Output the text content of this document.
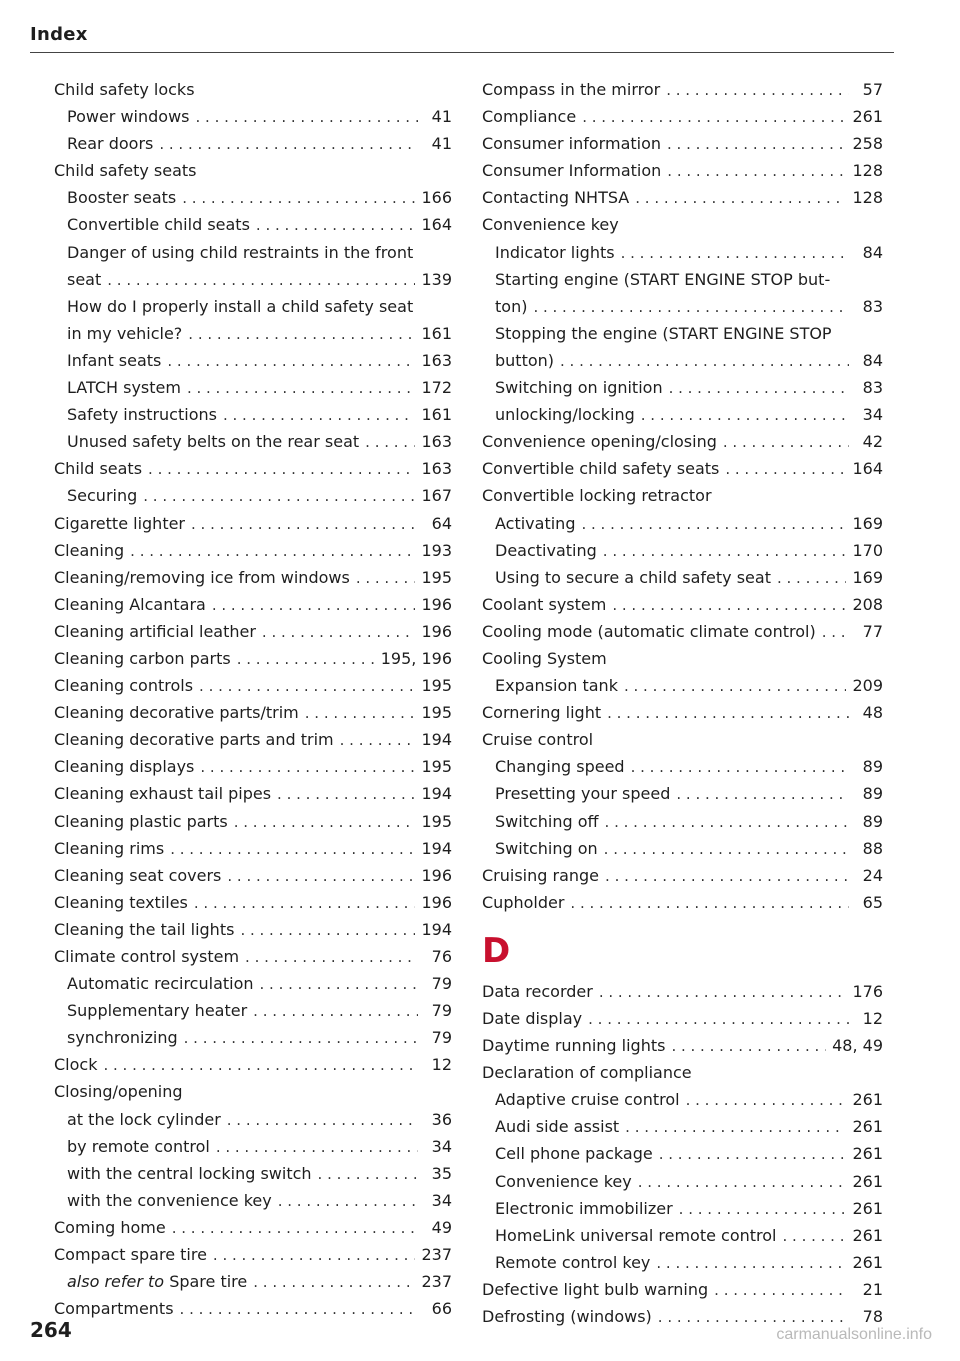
Index
Child safety locks
Power windows . . .	41
Rear doors . . .	41
Child safety seats
Booster seats . . .	166
Convertible child seats . . .	164
Danger of using child restraints in the front
seat . . .	139
How do I properly install a child safety seat
in my vehicle? . . .	161
Infant seats . . .	163
LATCH system . . .	172
Safety instructions . . .	161
Unused safety belts on the rear seat . . .	163
Child seats . . .	163
Securing . . .	167
Cigarette lighter . . .	64
Cleaning . . .	193
Cleaning/removing ice from windows . . .	195
Cleaning Alcantara . . .	196
Cleaning artificial leather . . .	196
Cleaning carbon parts . . .	195, 196
Cleaning controls . . .	195
Cleaning decorative parts/trim . . .	195
Cleaning decorative parts and trim . . .	194
Cleaning displays . . .	195
Cleaning exhaust tail pipes . . .	194
Cleaning plastic parts . . .	195
Cleaning rims . . .	194
Cleaning seat covers . . .	196
Cleaning textiles . . .	196
Cleaning the tail lights . . .	194
Climate control system . . .	76
Automatic recirculation . . .	79
Supplementary heater . . .	79
synchronizing . . .	79
Clock . . .	12
Closing/opening
at the lock cylinder . . .	36
by remote control . . .	34
with the central locking switch . . .	35
with the convenience key . . .	34
Coming home . . .	49
Compact spare tire . . .	237
also refer to Spare tire . . .	237
Compartments . . .	66
Compass in the mirror . . .	57
Compliance . . .	261
Consumer information . . .	258
Consumer Information . . .	128
Contacting NHTSA . . .	128
Convenience key
Indicator lights . . .	84
Starting engine (START ENGINE STOP but-
ton) . . .	83
Stopping the engine (START ENGINE STOP
button) . . .	84
Switching on ignition . . .	83
unlocking/locking . . .	34
Convenience opening/closing . . .	42
Convertible child safety seats . . .	164
Convertible locking retractor
Activating . . .	169
Deactivating . . .	170
Using to secure a child safety seat . . .	169
Coolant system . . .	208
Cooling mode (automatic climate control) . . .	77
Cooling System
Expansion tank . . .	209
Cornering light . . .	48
Cruise control
Changing speed . . .	89
Presetting your speed . . .	89
Switching off . . .	89
Switching on . . .	88
Cruising range . . .	24
Cupholder . . .	65
D
Data recorder . . .	176
Date display . . .	12
Daytime running lights . . .	48, 49
Declaration of compliance
Adaptive cruise control . . .	261
Audi side assist . . .	261
Cell phone package . . .	261
Convenience key . . .	261
Electronic immobilizer . . .	261
HomeLink universal remote control . . .	261
Remote control key . . .	261
Defective light bulb warning . . .	21
Defrosting (windows) . . .	78
264	carmanualsonline.info
